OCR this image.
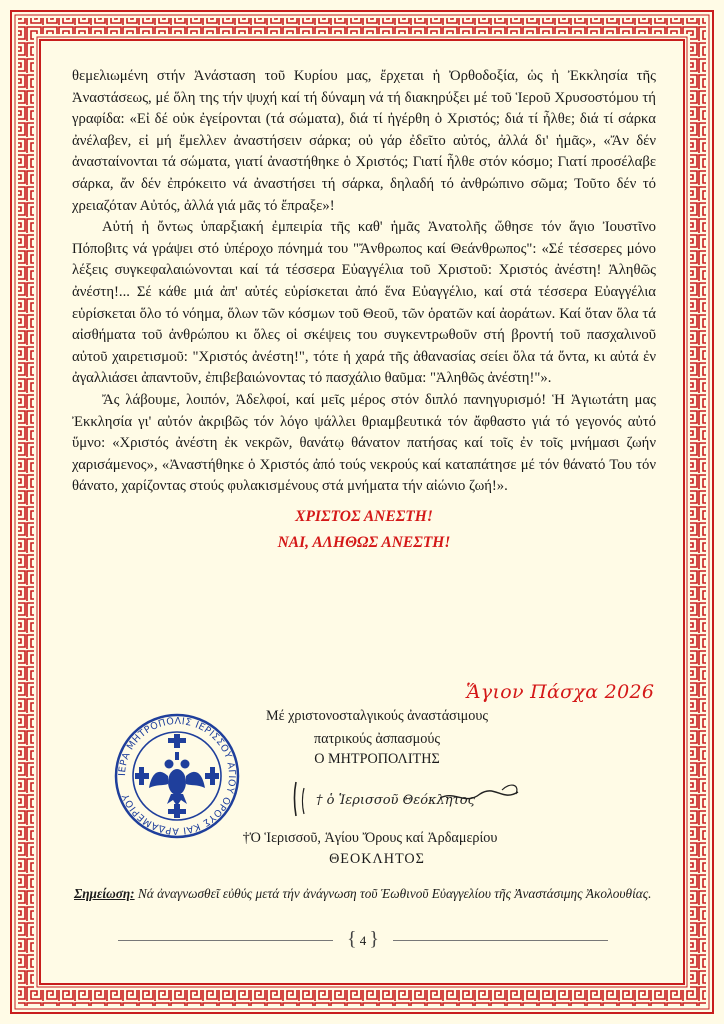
θεμελιωμένη στήν Ἀνάσταση τοῦ Κυρίου μας, ἔρχεται ἡ Ὀρθοδοξία, ὡς ἡ Ἐκκλησία τῆς Ἀναστάσεως, μέ ὅλη της τήν ψυχή καί τή δύναμη νά τή διακηρύξει μέ τοῦ Ἱεροῦ Χρυσοστόμου τή γραφίδα: «Εἰ δέ οὐκ ἐγείρονται (τά σώματα), διά τί ἠγέρθη ὁ Χριστός; διά τί ἦλθε; διά τί σάρκα ἀνέλαβεν, εἰ μή ἔμελλεν ἀναστήσειν σάρκα; οὐ γάρ ἐδεῖτο αὐτός, ἀλλά δι' ἡμᾶς», «Ἄν δέν ἀνασταίνονται τά σώματα, γιατί ἀναστήθηκε ὁ Χριστός; Γιατί ἦλθε στόν κόσμο; Γιατί προσέλαβε σάρκα, ἄν δέν ἐπρόκειτο νά ἀναστήσει τή σάρκα, δηλαδή τό ἀνθρώπινο σῶμα; Τοῦτο δέν τό χρειαζόταν Αὐτός, ἀλλά γιά μᾶς τό ἔπραξε»!

Αὐτή ἡ ὄντως ὑπαρξιακή ἐμπειρία τῆς καθ' ἡμᾶς Ἀνατολῆς ὤθησε τόν ἅγιο Ἰουστῖνο Πόποβιτς νά γράψει στό ὑπέροχο πόνημά του "Ἄνθρωπος καί Θεάνθρωπος": «Σέ τέσσερες μόνο λέξεις συγκεφαλαιώνονται καί τά τέσσερα Εὐαγγέλια τοῦ Χριστοῦ: Χριστός ἀνέστη! Ἀληθῶς ἀνέστη!... Σέ κάθε μιά ἀπ' αὐτές εὑρίσκεται ἀπό ἕνα Εὐαγγέλιο, καί στά τέσσερα Εὐαγγέλια εὑρίσκεται ὅλο τό νόημα, ὅλων τῶν κόσμων τοῦ Θεοῦ, τῶν ὁρατῶν καί ἀοράτων. Καί ὅταν ὅλα τά αἰσθήματα τοῦ ἀνθρώπου κι ὅλες οἱ σκέψεις του συγκεντρωθοῦν στή βροντή τοῦ πασχαλινοῦ αὐτοῦ χαιρετισμοῦ: "Χριστός ἀνέστη!", τότε ἡ χαρά τῆς ἀθανασίας σείει ὅλα τά ὄντα, κι αὐτά ἐν ἀγαλλιάσει ἀπαντοῦν, ἐπιβεβαιώνοντας τό πασχάλιο θαῦμα: "Ἀληθῶς ἀνέστη!"».

Ἄς λάβουμε, λοιπόν, Ἀδελφοί, καί μεῖς μέρος στόν διπλό πανηγυρισμό! Ἡ Ἁγιωτάτη μας Ἐκκλησία γι' αὐτόν ἀκριβῶς τόν λόγο ψάλλει θριαμβευτικά τόν ἄφθαστο γιά τό γεγονός αὐτό ὕμνο: «Χριστός ἀνέστη ἐκ νεκρῶν, θανάτῳ θάνατον πατήσας καί τοῖς ἐν τοῖς μνήμασι ζωήν χαρισάμενος», «Ἀναστήθηκε ὁ Χριστός ἀπό τούς νεκρούς καί καταπάτησε μέ τόν θάνατό Του τόν θάνατο, χαρίζοντας στούς φυλακισμένους στά μνήματα τήν αἰώνιο ζωή!».

ΧΡΙΣΤΟΣ ΑΝΕΣΤΗ!

ΝΑΙ, ΑΛΗΘΩΣ ΑΝΕΣΤΗ!

Ἅγιον Πάσχα 2026
ΙΕΡΑ ΜΗΤΡΟΠΟΛΙΣ ΙΕΡΙΣΣΟΥ ΑΓΙΟΥ ΟΡΟΥΣ ΚΑΙ ΑΡΔΑΜΕΡΙΟΥ

Μέ χριστονοσταλγικούς ἀναστάσιμους

πατρικούς ἀσπασμούς

Ο ΜΗΤΡΟΠΟΛΙΤΗΣ

† ὁ Ἱερισσοῦ Θεόκλητος

†Ὁ Ἱερισσοῦ, Ἁγίου Ὄρους καί Ἀρδαμερίου

ΘΕΟΚΛΗΤΟΣ

Σημείωση: Νά ἀναγνωσθεῖ εὐθύς μετά τήν ἀνάγνωση τοῦ Ἑωθινοῦ Εὐαγγελίου τῆς Ἀναστάσιμης Ἀκολουθίας.
{ 4 }
